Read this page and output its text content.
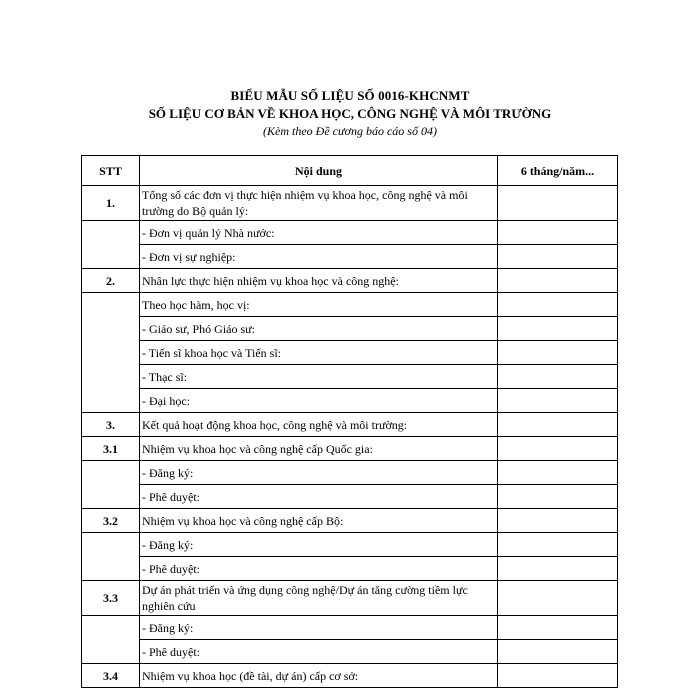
BIỂU MẪU SỐ LIỆU SỐ 0016-KHCNMT
SỐ LIỆU CƠ BẢN VỀ KHOA HỌC, CÔNG NGHỆ VÀ MÔI TRƯỜNG
(Kèm theo Đề cương báo cáo số 04)
STT	Nội dung	6 tháng/năm...
1.	Tổng số các đơn vị thực hiện nhiệm vụ khoa học, công nghệ và môi trường do Bộ quản lý:	
	- Đơn vị quản lý Nhà nước:	
	- Đơn vị sự nghiệp:	
2.	Nhân lực thực hiện nhiệm vụ khoa học và công nghệ:	
	Theo học hàm, học vị:	
	- Giáo sư, Phó Giáo sư:	
	- Tiến sĩ khoa học và Tiến sĩ:	
	- Thạc sĩ:	
	- Đại học:	
3.	Kết quả hoạt động khoa học, công nghệ và môi trường:	
3.1	Nhiệm vụ khoa học và công nghệ cấp Quốc gia:	
	- Đăng ký:	
	- Phê duyệt:	
3.2	Nhiệm vụ khoa học và công nghệ cấp Bộ:	
	- Đăng ký:	
	- Phê duyệt:	
3.3	Dự án phát triển và ứng dụng công nghệ/Dự án tăng cường tiềm lực nghiên cứu	
	- Đăng ký:	
	- Phê duyệt:	
3.4	Nhiệm vụ khoa học (đề tài, dự án) cấp cơ sở:	
